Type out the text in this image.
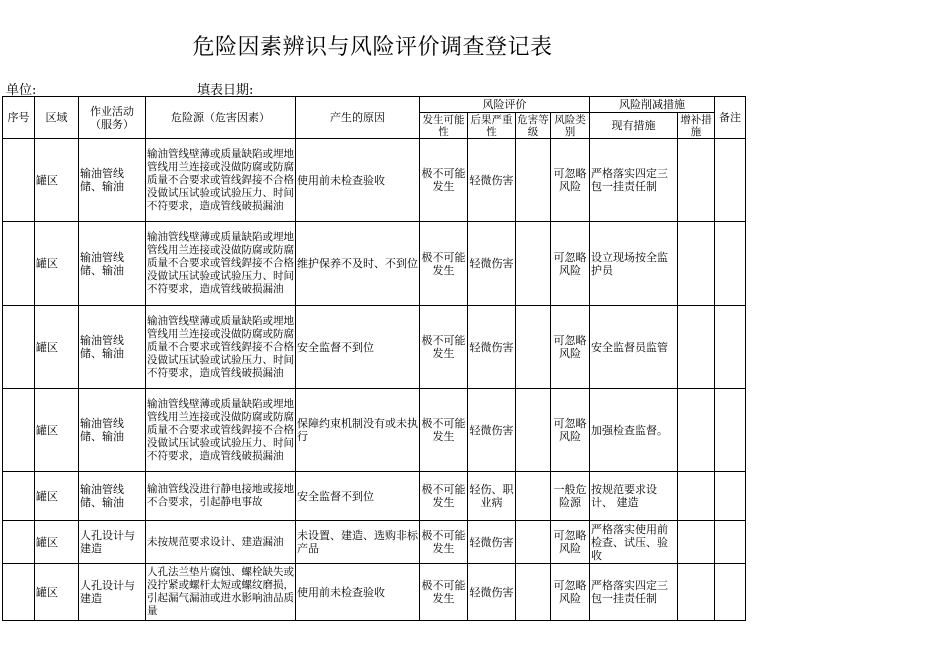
危险因素辨识与风险评价调查登记表
单位:	填表日期:
序号	区域	作业活动（服务）	危险源（危害因素）	产生的原因	风险评价				风险削减措施		备注
					发生可能性	后果严重性	危害等级	风险类别	现有措施	增补措施	
	罐区	输油管线储、输油	输油管线壁薄或质量缺陷或埋地管线用兰连接或没做防腐或防腐质量不合要求或管线銲接不合格没做试压试验或试验压力、时间不符要求，造成管线破损漏油	使用前未检查验收	极不可能发生	轻微伤害		可忽略风险	严格落实四定三包一挂责任制		
	罐区	输油管线储、输油	输油管线壁薄或质量缺陷或埋地管线用兰连接或没做防腐或防腐质量不合要求或管线銲接不合格没做试压试验或试验压力、时间不符要求，造成管线破损漏油	维护保养不及时、不到位	极不可能发生	轻微伤害		可忽略风险	设立现场按全监护员		
	罐区	输油管线储、输油	输油管线壁薄或质量缺陷或埋地管线用兰连接或没做防腐或防腐质量不合要求或管线銲接不合格没做试压试验或试验压力、时间不符要求，造成管线破损漏油	安全监督不到位	极不可能发生	轻微伤害		可忽略风险	安全监督员监管		
	罐区	输油管线储、输油	输油管线壁薄或质量缺陷或埋地管线用兰连接或没做防腐或防腐质量不合要求或管线銲接不合格没做试压试验或试验压力、时间不符要求，造成管线破损漏油	保障约束机制没有或未执行	极不可能发生	轻微伤害		可忽略风险	加强检查监督。		
	罐区	输油管线储、输油	输油管线没进行静电接地或接地不合要求，引起静电事故	安全监督不到位	极不可能发生	轻伤、职业病		一般危险源	按规范要求设计、 建造		
	罐区	人孔设计与建造	未按规范要求设计、建造漏油	未设置、建造、选购非标产品	极不可能发生	轻微伤害		可忽略风险	严格落实使用前检查、试压、验收		
	罐区	人孔设计与建造	人孔法兰垫片腐蚀、螺栓缺失或没拧紧或螺杆太短或螺纹磨损，引起漏气漏油或进水影响油品质量	使用前未检查验收	极不可能发生	轻微伤害		可忽略风险	严格落实四定三包一挂责任制		
